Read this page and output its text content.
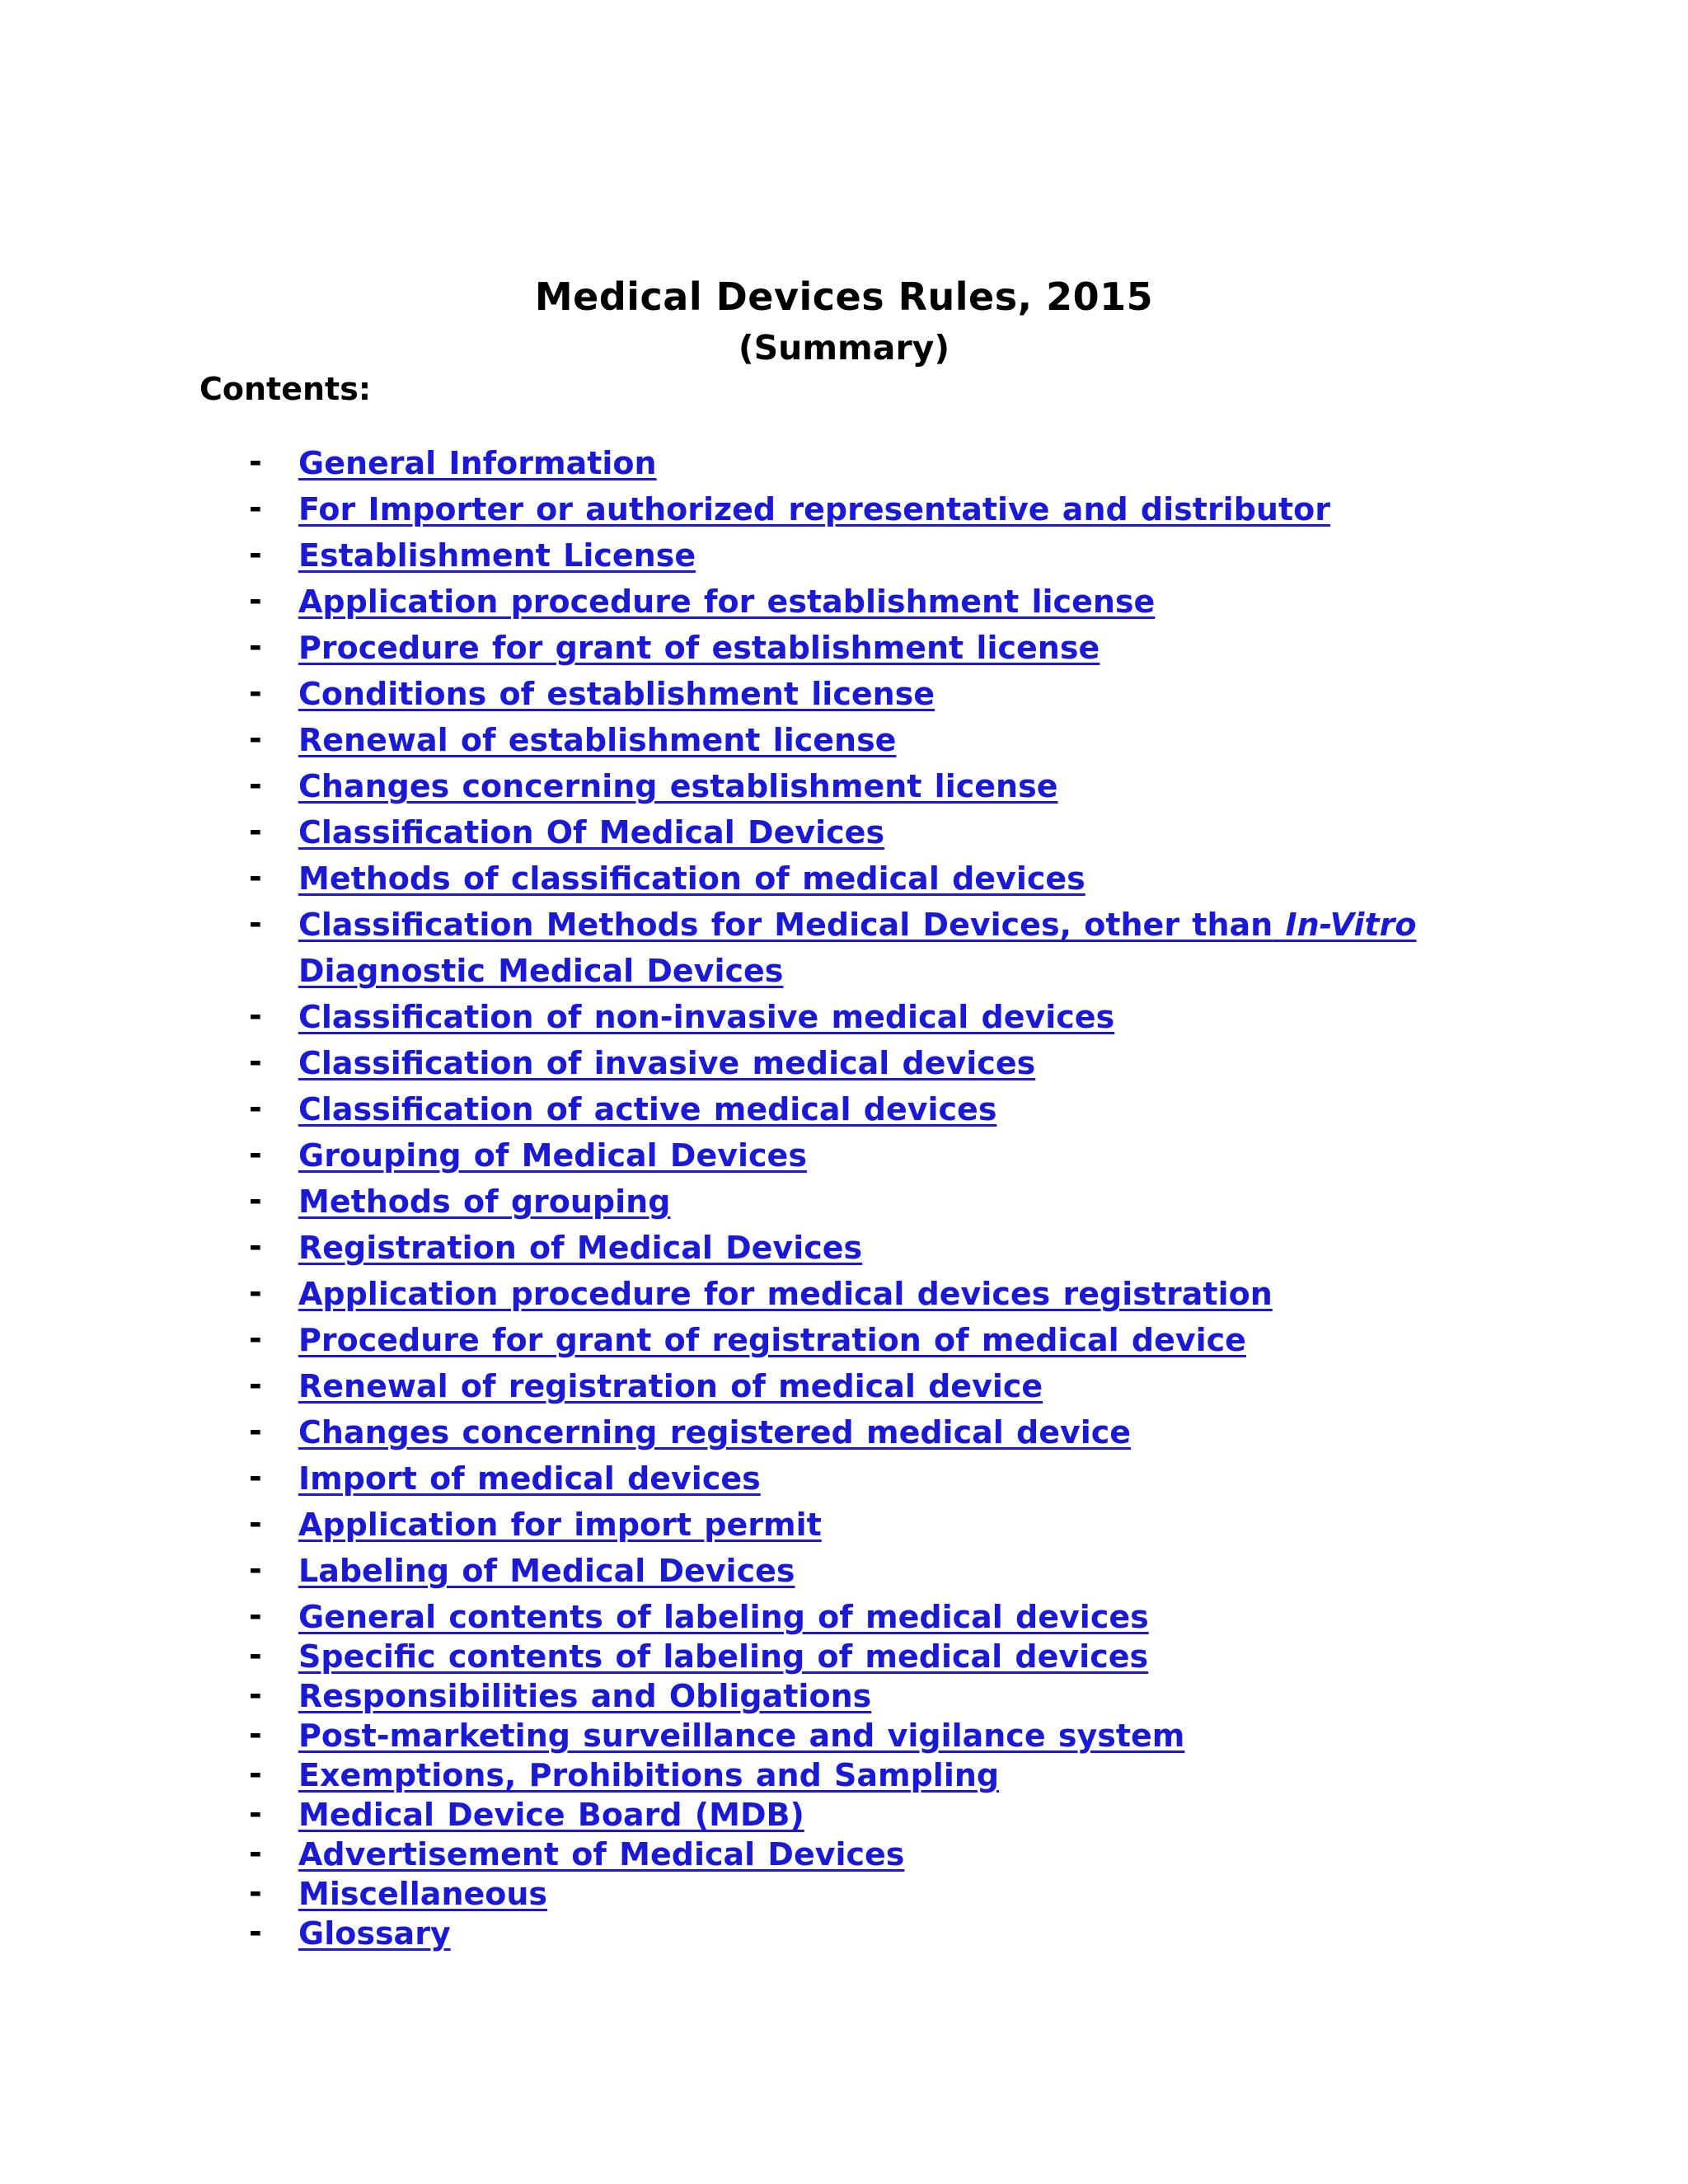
Medical Devices Rules, 2015
(Summary)
Contents:
- General Information
- For Importer or authorized representative and distributor
- Establishment License
- Application procedure for establishment license
- Procedure for grant of establishment license
- Conditions of establishment license
- Renewal of establishment license
- Changes concerning establishment license
- Classification Of Medical Devices
- Methods of classification of medical devices
- Classification Methods for Medical Devices, other than In-Vitro
Diagnostic Medical Devices
- Classification of non-invasive medical devices
- Classification of invasive medical devices
- Classification of active medical devices
- Grouping of Medical Devices
- Methods of grouping
- Registration of Medical Devices
- Application procedure for medical devices registration
- Procedure for grant of registration of medical device
- Renewal of registration of medical device
- Changes concerning registered medical device
- Import of medical devices
- Application for import permit
- Labeling of Medical Devices
- General contents of labeling of medical devices
- Specific contents of labeling of medical devices
- Responsibilities and Obligations
- Post-marketing surveillance and vigilance system
- Exemptions, Prohibitions and Sampling
- Medical Device Board (MDB)
- Advertisement of Medical Devices
- Miscellaneous
- Glossary
